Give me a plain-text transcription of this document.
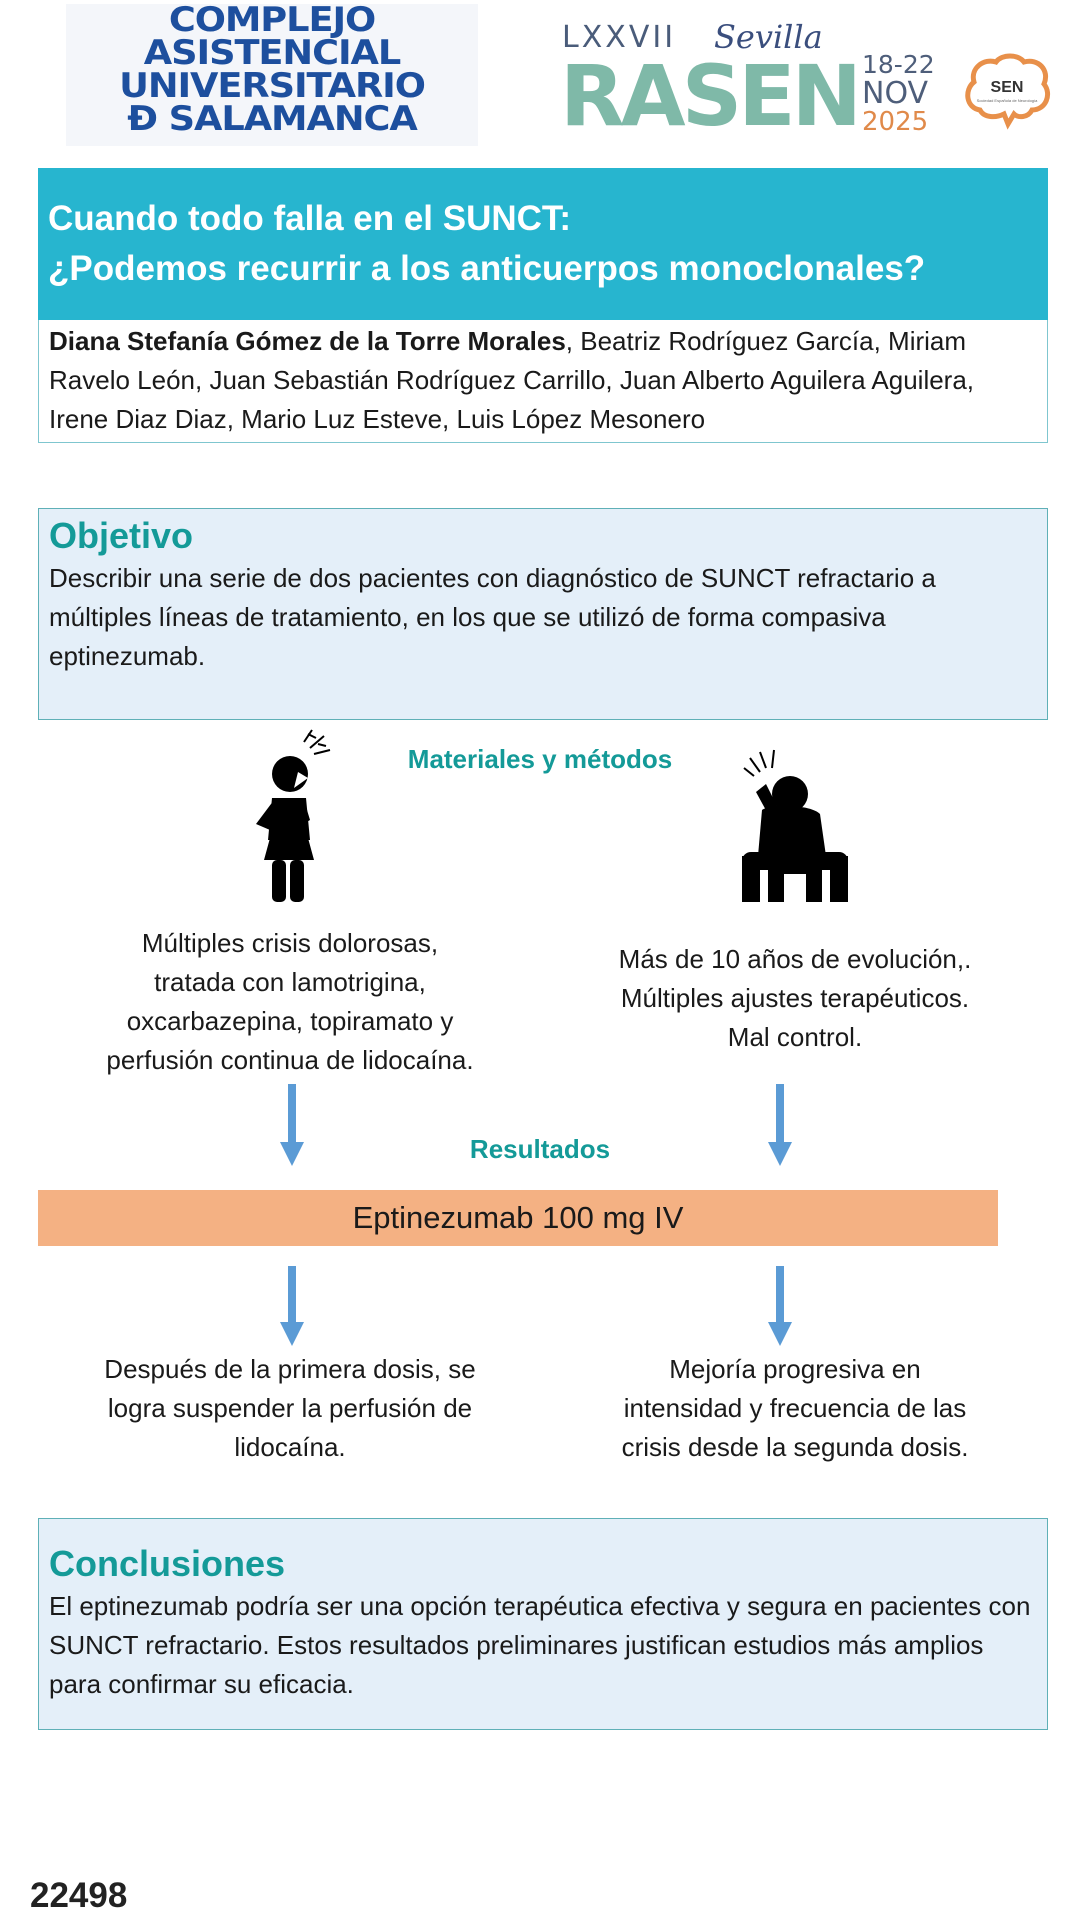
COMPLEJO
ASISTENCIAL
UNIVERSITARIO
Ð SALAMANCA
LXXVII Sevilla
RASEN 18-22
NOV
2025
SEN
Sociedad Española de Neurología
Cuando todo falla en el SUNCT:
¿Podemos recurrir a los anticuerpos monoclonales?
Diana Stefanía Gómez de la Torre Morales, Beatriz Rodríguez García, Miriam Ravelo León, Juan Sebastián Rodríguez Carrillo, Juan Alberto Aguilera Aguilera, Irene Diaz Diaz, Mario Luz Esteve, Luis López Mesonero
Objetivo
Describir una serie de dos pacientes con diagnóstico de SUNCT refractario a múltiples líneas de tratamiento, en los que se utilizó de forma compasiva eptinezumab.
Materiales y métodos
Múltiples crisis dolorosas,
tratada con lamotrigina,
oxcarbazepina, topiramato y
perfusión continua de lidocaína.
Más de 10 años de evolución,.
Múltiples ajustes terapéuticos.
Mal control.
Resultados
Eptinezumab 100 mg IV
Después de la primera dosis, se
logra suspender la perfusión de
lidocaína.
Mejoría progresiva en
intensidad y frecuencia de las
crisis desde la segunda dosis.
Conclusiones
El eptinezumab podría ser una opción terapéutica efectiva y segura en pacientes con SUNCT refractario. Estos resultados preliminares justifican estudios más amplios para confirmar su eficacia.
22498
